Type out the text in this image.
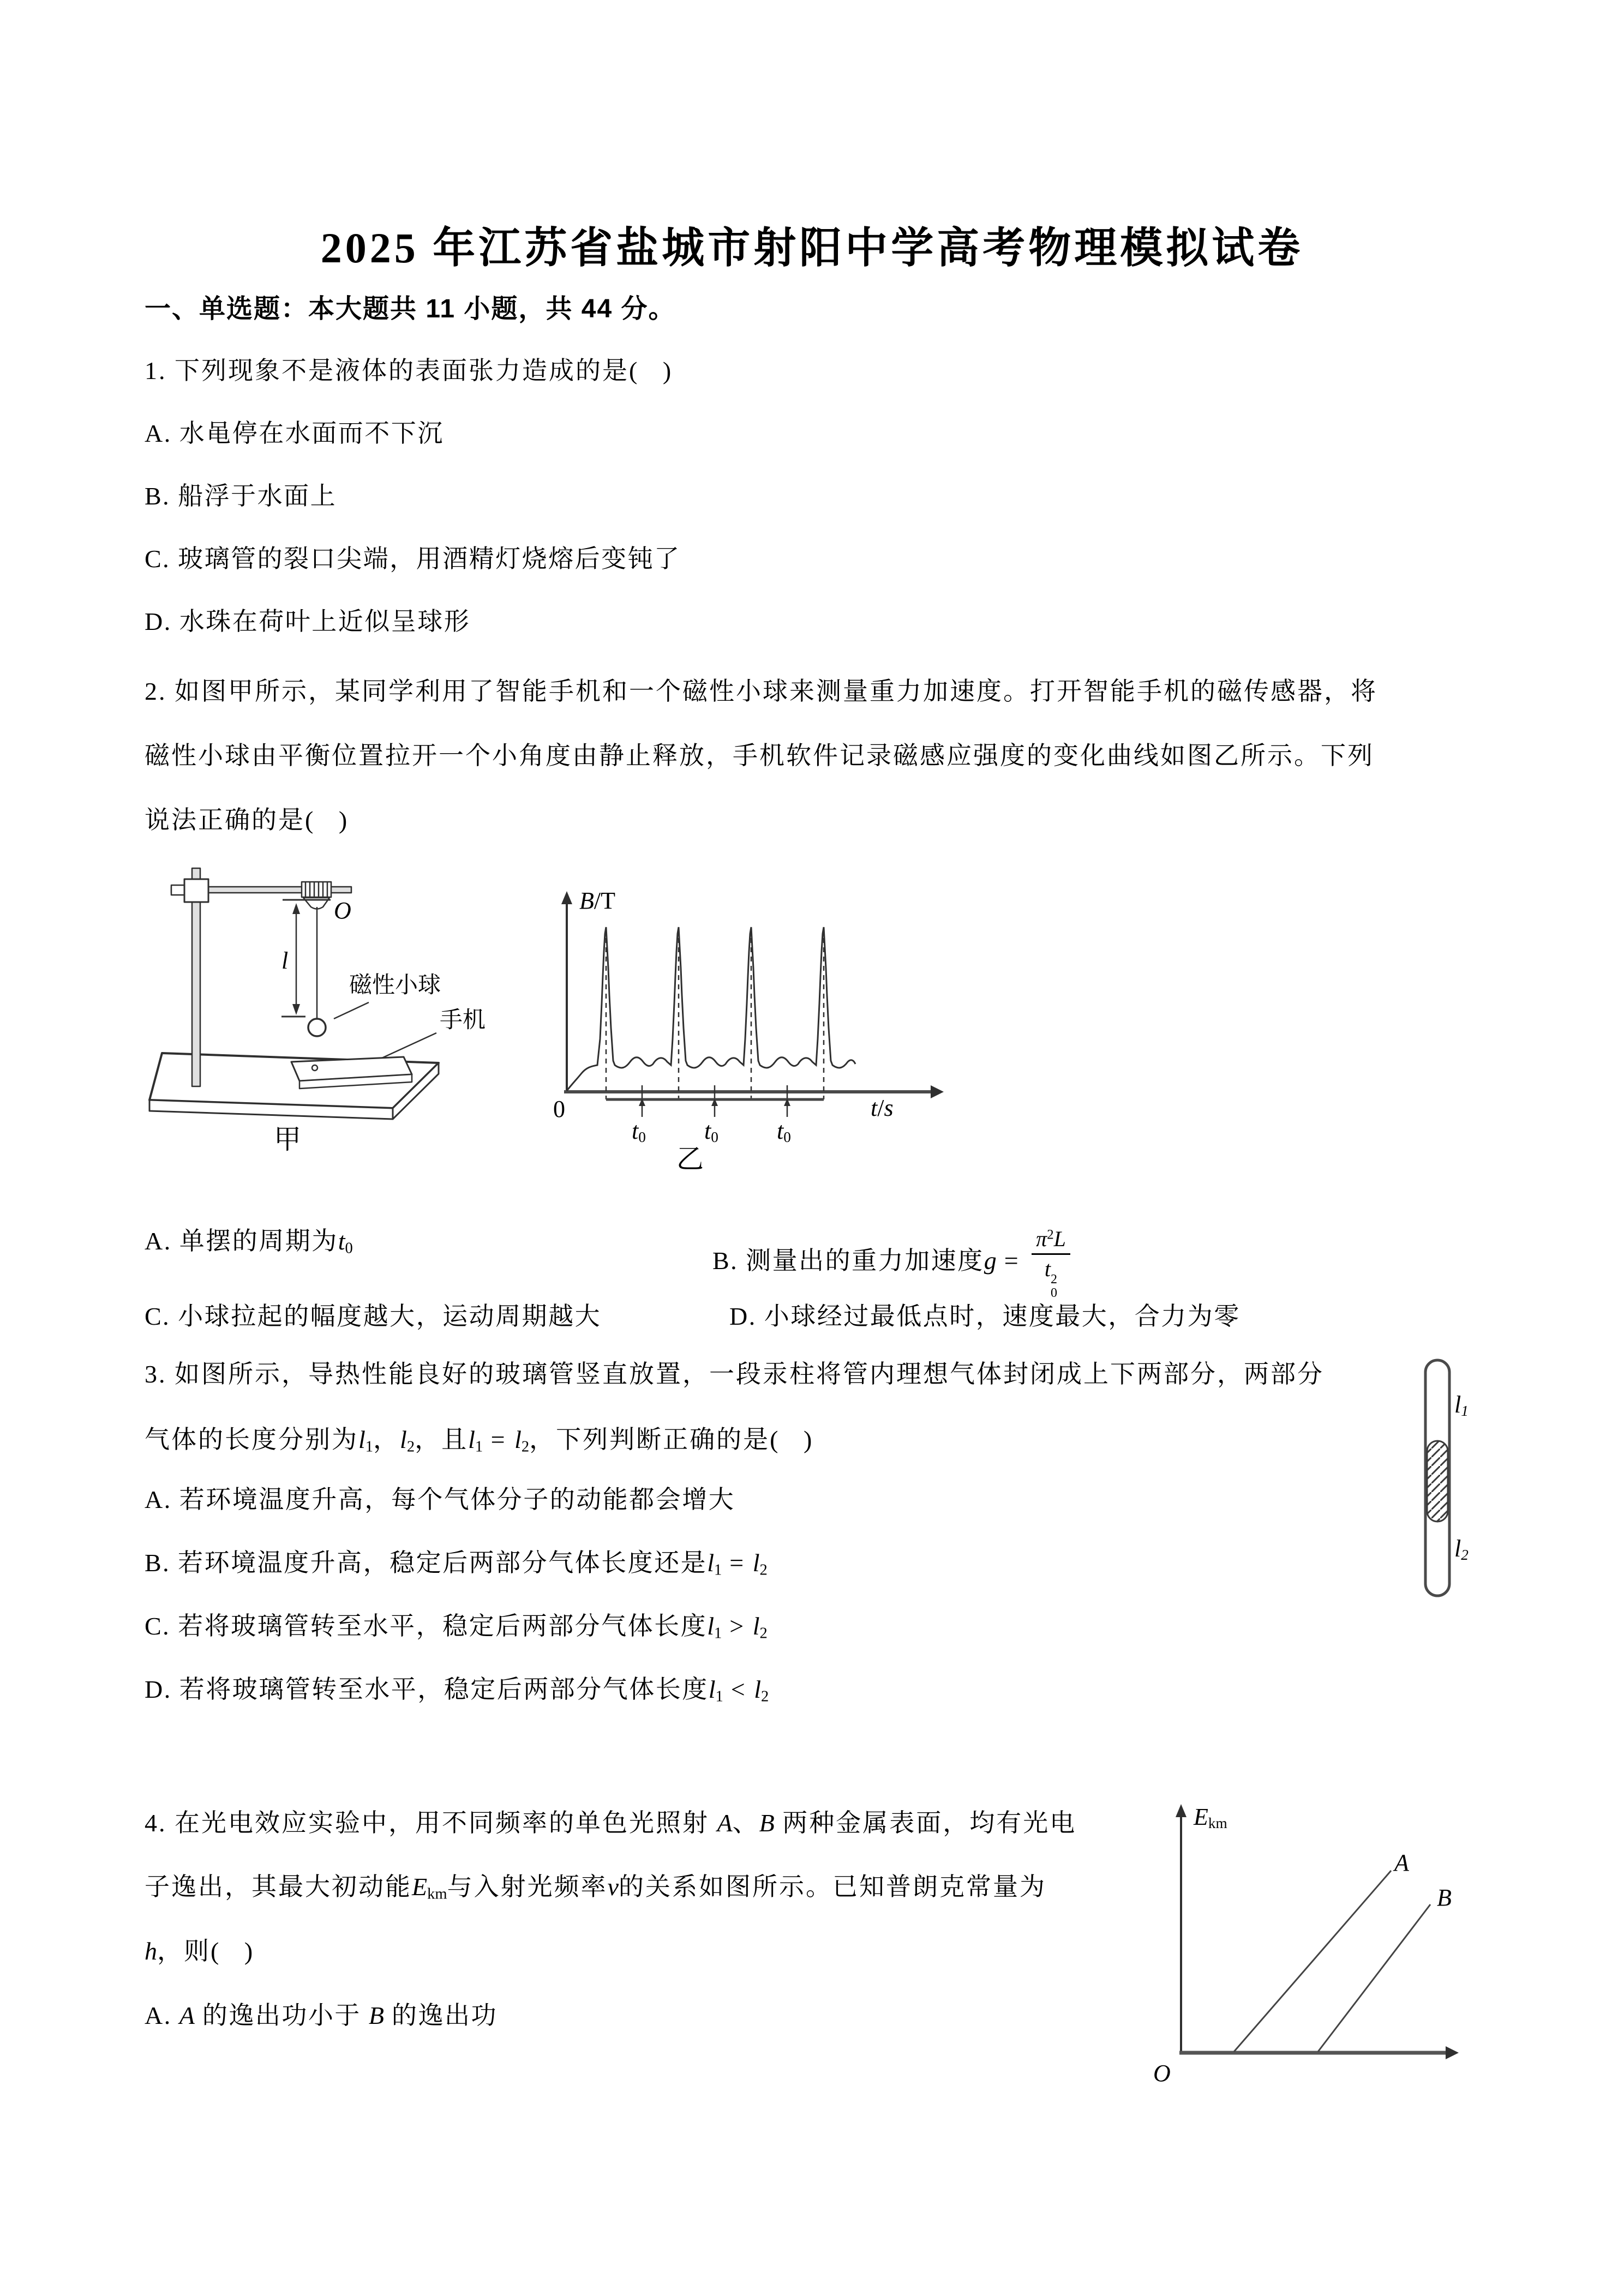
2025 年江苏省盐城市射阳中学高考物理模拟试卷
一、单选题：本大题共 11 小题，共 44 分。
1. 下列现象不是液体的表面张力造成的是(   )
A. 水黾停在水面而不下沉
B. 船浮于水面上
C. 玻璃管的裂口尖端，用酒精灯烧熔后变钝了
D. 水珠在荷叶上近似呈球形
2. 如图甲所示，某同学利用了智能手机和一个磁性小球来测量重力加速度。打开智能手机的磁传感器，将
磁性小球由平衡位置拉开一个小角度由静止释放，手机软件记录磁感应强度的变化曲线如图乙所示。下列
说法正确的是(   )
O
l
磁性小球
手机
甲
B/T
0
t0 t0 t0
t/s
乙
A. 单摆的周期为t0	B. 测量出的重力加速度$g = \pi^2L$
t 2
0
C. 小球拉起的幅度越大，运动周期越大	D. 小球经过最低点时，速度最大，合力为零
3. 如图所示，导热性能良好的玻璃管竖直放置，一段汞柱将管内理想气体封闭成上下两部分，两部分
气体的长度分别为l1，l2，且l1 = l2，下列判断正确的是(   )
l1
l2
A. 若环境温度升高，每个气体分子的动能都会增大
B. 若环境温度升高，稳定后两部分气体长度还是l1 = l2
C. 若将玻璃管转至水平，稳定后两部分气体长度l1 > l2
D. 若将玻璃管转至水平，稳定后两部分气体长度l1 < l2
4. 在光电效应实验中，用不同频率的单色光照射 A、B 两种金属表面，均有光电
子逸出，其最大初动能Ekm与入射光频率ν的关系如图所示。已知普朗克常量为
h，则(   )
A. A 的逸出功小于 B 的逸出功
Ekm
O
A
B
